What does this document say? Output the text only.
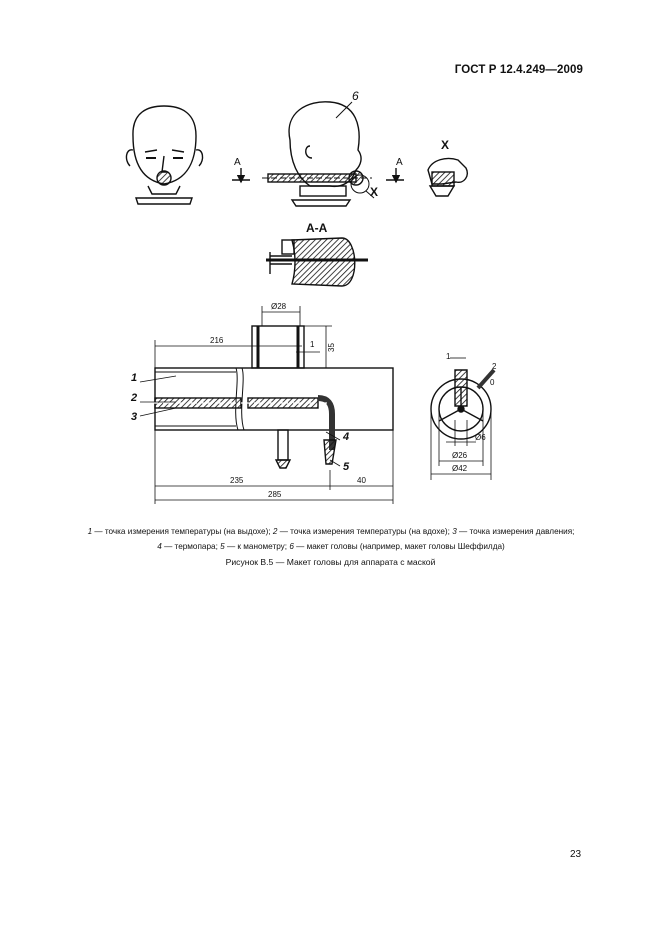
ГОСТ Р 12.4.249—2009
A	A
X
6
X
A-A
Ø28
216	1 35
235
285
40
1
2
3
4
5
1
2
0
Ø6
Ø26
Ø42
1 — точка измерения температуры (на выдохе); 2 — точка измерения температуры (на вдохе); 3 — точка измерения давления;
4 — термопара; 5 — к манометру; 6 — макет головы (например, макет головы Шеффилда)
Рисунок В.5 — Макет головы для аппарата с маской
23
